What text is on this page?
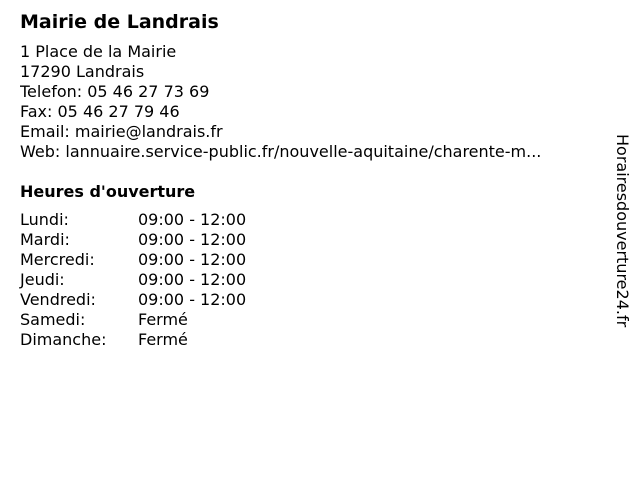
Mairie de Landrais
1 Place de la Mairie
17290 Landrais
Telefon: 05 46 27 73 69
Fax: 05 46 27 79 46
Email: mairie@landrais.fr
Web: lannuaire.service-public.fr/nouvelle-aquitaine/charente-m...
Heures d'ouverture
Lundi:	09:00 - 12:00
Mardi:	09:00 - 12:00
Mercredi:	09:00 - 12:00
Jeudi:	09:00 - 12:00
Vendredi:	09:00 - 12:00
Samedi:	Fermé
Dimanche:	Fermé
Horairesdouverture24.fr
